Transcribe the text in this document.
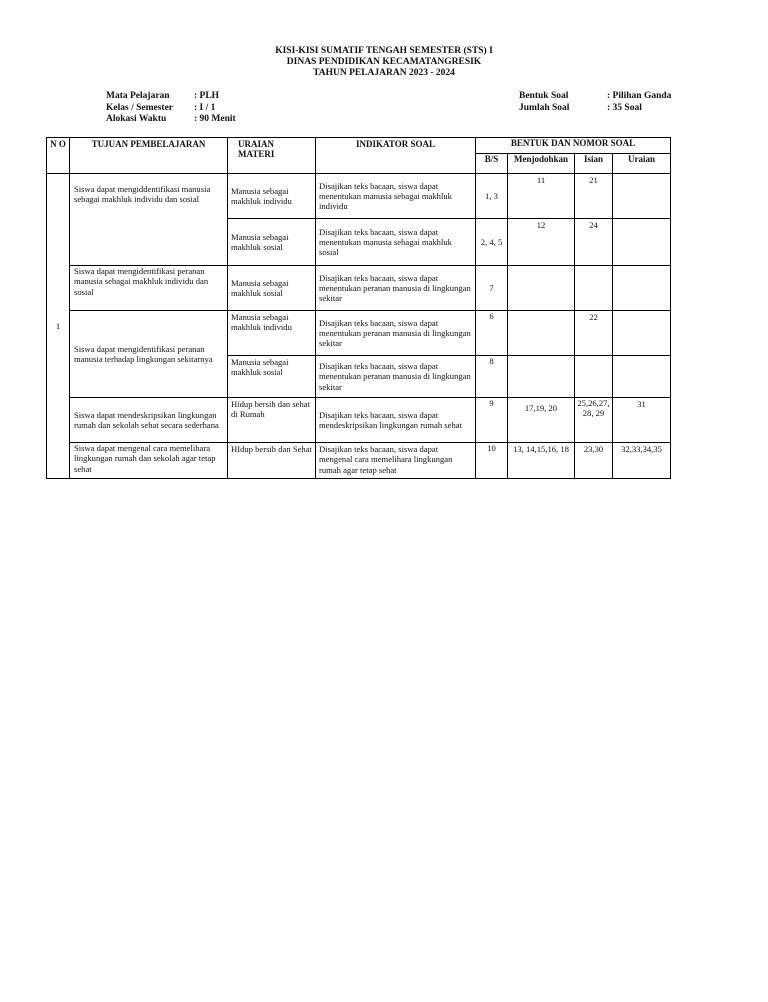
KISI-KISI SUMATIF TENGAH SEMESTER (STS) I
DINAS PENDIDIKAN KECAMATANGRESIK
TAHUN PELAJARAN 2023 - 2024
Mata Pelajaran	: PLH
Kelas / Semester	: I / 1
Alokasi Waktu	: 90 Menit
Bentuk Soal	: Pilihan Ganda
Jumlah Soal	: 35 Soal
N O	TUJUAN PEMBELAJARAN	URAIAN MATERI	INDIKATOR SOAL	BENTUK DAN NOMOR SOAL			
				B/S	Menjodohkan	Isian	Uraian
1	Siswa dapat mengiddentifikasi manusia sebagai makhluk individu dan sosial	Manusia sebagai makhluk individu	Disajikan teks bacaan, siswa dapat menentukan manusia sebagai makhluk individu	1, 3	11	21	
		Manusia sebagai makhluk sosial	Disajikan teks bacaan, siswa dapat menentukan manusia sebagai makhluk sosial	2, 4, 5	12	24	
	Siswa dapat mengidentifikasi peranan manusia sebagai makhluk individu dan sosial	Manusia sebagai makhluk sosial	Disajikan teks bacaan, siswa dapat menentukan peranan manusia di lingkungan sekitar	7			
	Siswa dapat mengidentifikasi peranan manusia terhadap lingkungan sekitarnya	Manusia sebagai makhluk individu	Disajikan teks bacaan, siswa dapat menentukan peranan manusia di lingkungan sekitar	6		22	
		Manusia sebagai makhluk sosial	Disajikan teks bacaan, siswa dapat menentukan peranan manusia di lingkungan sekitar	8			
	Siswa dapat mendeskripsikan lingkungan rumah dan sekolah sehat secara sederhana	Hidup bersih dan sehat di Rumah	Disajikan teks bacaan, siswa dapat mendeskripsikan lingkungan rumah sehat	9	17,19, 20	25,26,27, 28, 29	31
	Siswa dapat mengenal cara memelihara lingkungan rumah dan sekolah agar tetap sehat	HIdup bersih dan Sehat	Disajikan teks bacaan, siswa dapat mengenal cara memelihara lingkungan rumah agar tetap sehat	10	13, 14,15,16, 18	23,30	32,33,34,35
